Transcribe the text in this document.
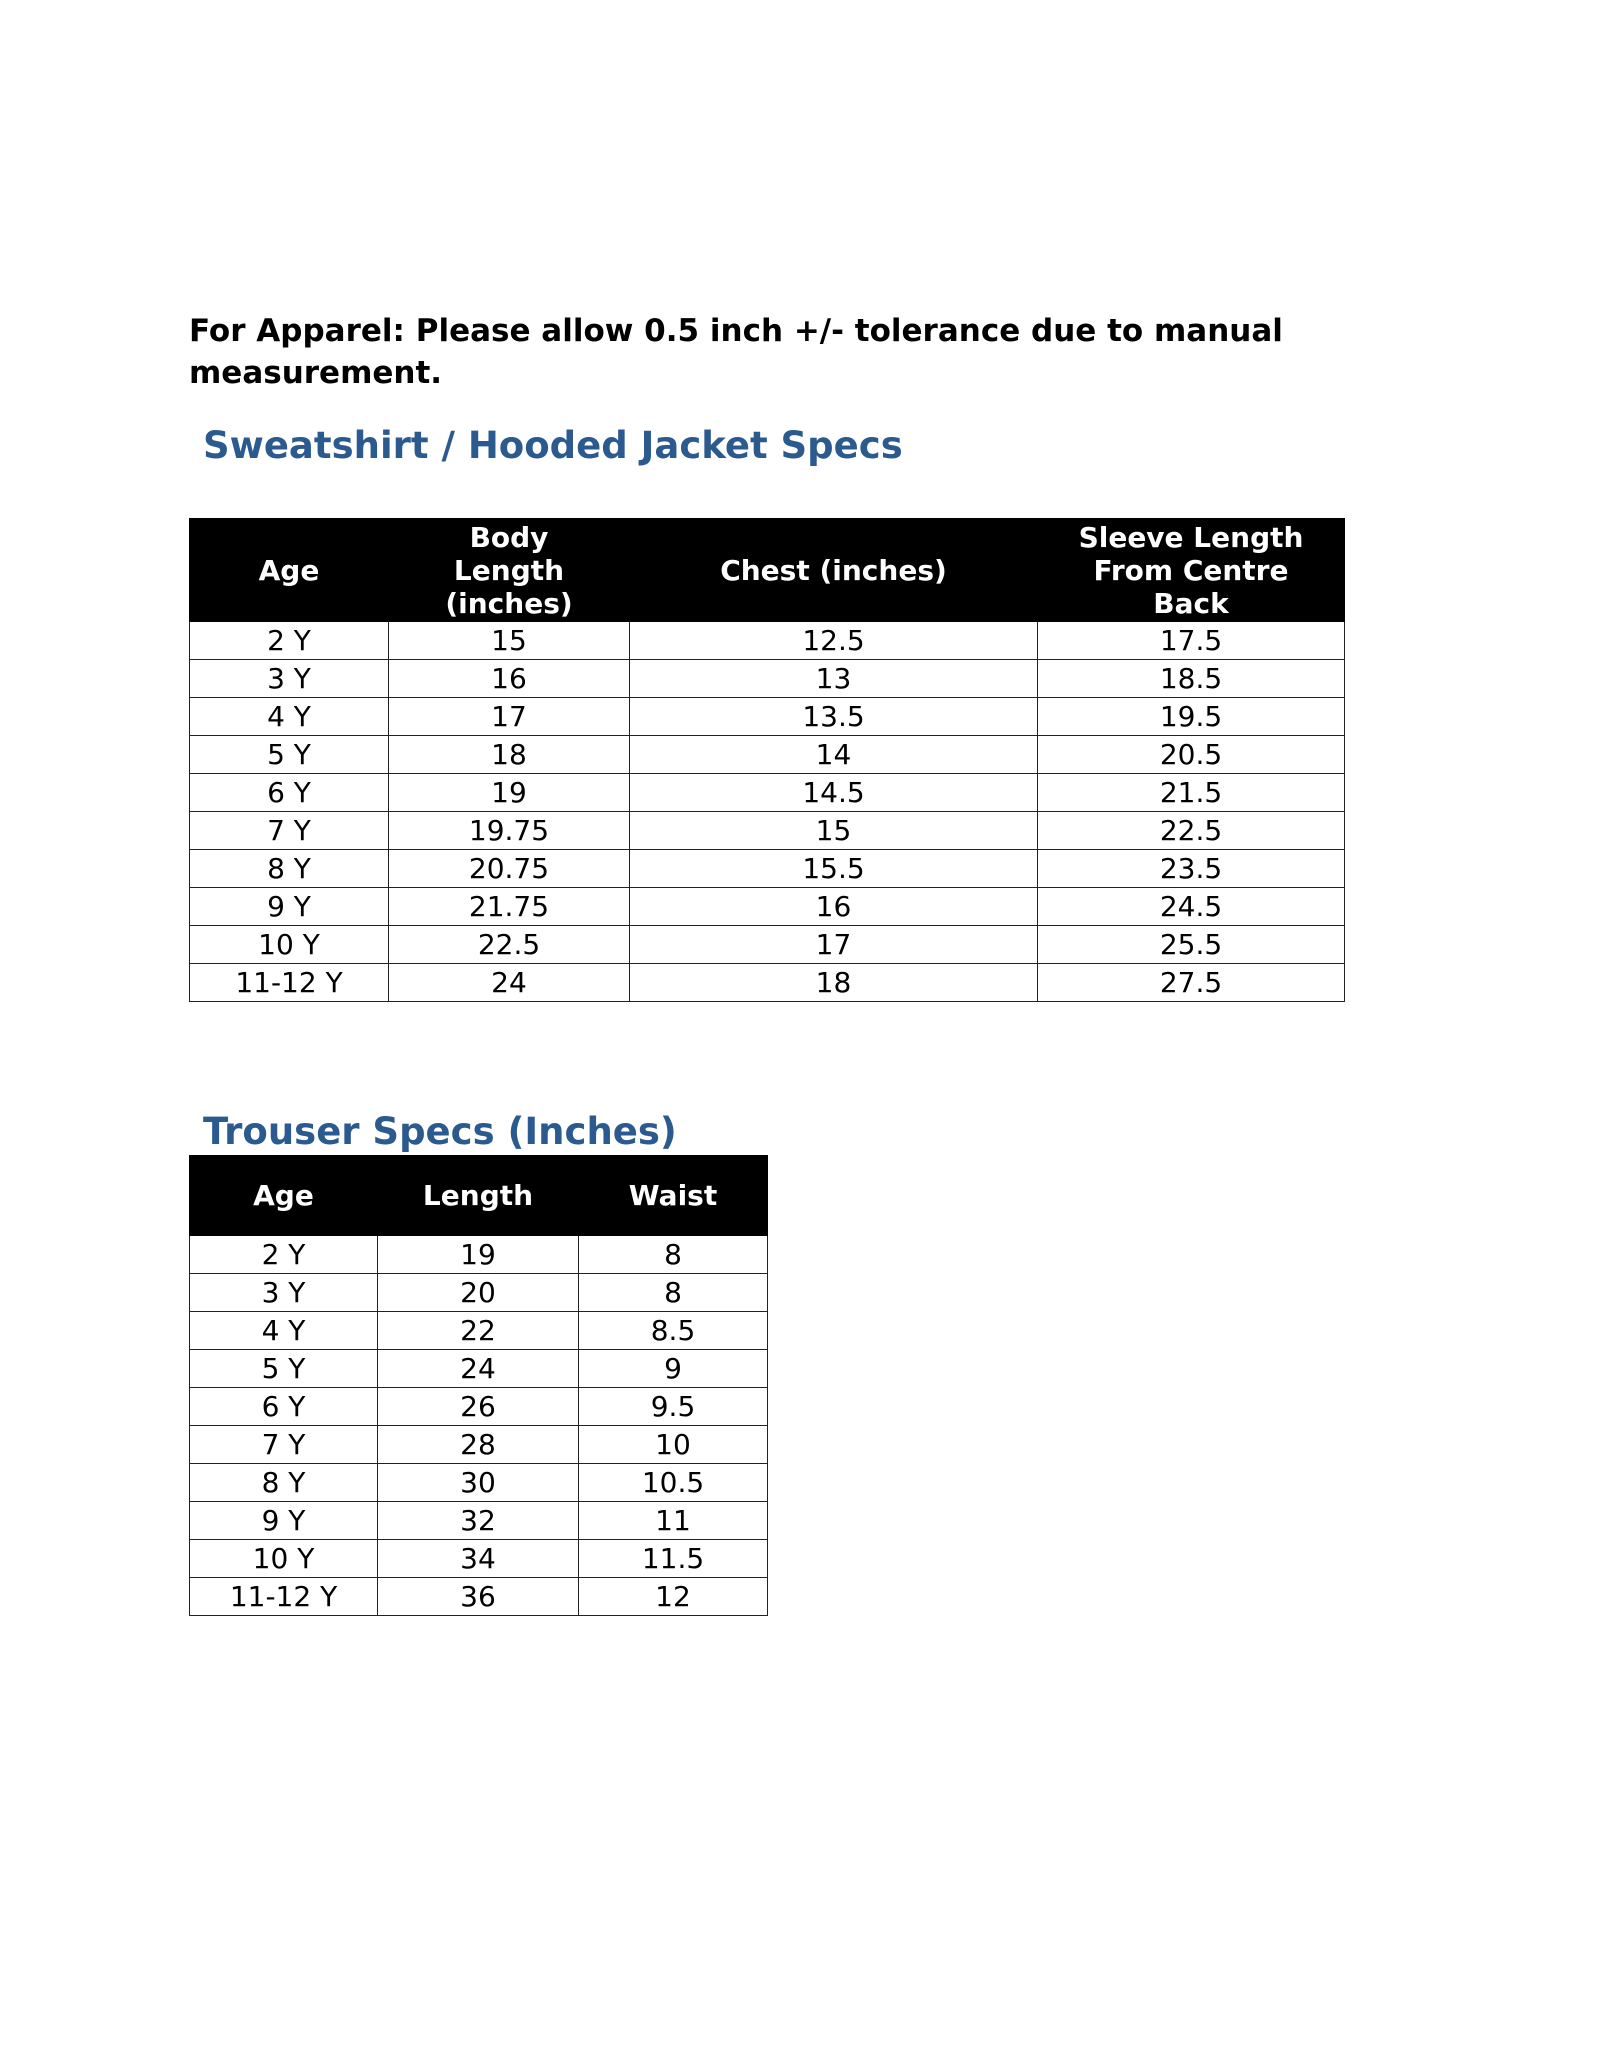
For Apparel: Please allow 0.5 inch +/- tolerance due to manual measurement.

Sweatshirt / Hooded Jacket Specs
Age	Body Length (inches)	Chest (inches)	Sleeve Length From Centre Back
2 Y	15	12.5	17.5
3 Y	16	13	18.5
4 Y	17	13.5	19.5
5 Y	18	14	20.5
6 Y	19	14.5	21.5
7 Y	19.75	15	22.5
8 Y	20.75	15.5	23.5
9 Y	21.75	16	24.5
10 Y	22.5	17	25.5
11-12 Y	24	18	27.5
Trouser Specs (Inches)
Age	Length	Waist
2 Y	19	8
3 Y	20	8
4 Y	22	8.5
5 Y	24	9
6 Y	26	9.5
7 Y	28	10
8 Y	30	10.5
9 Y	32	11
10 Y	34	11.5
11-12 Y	36	12
